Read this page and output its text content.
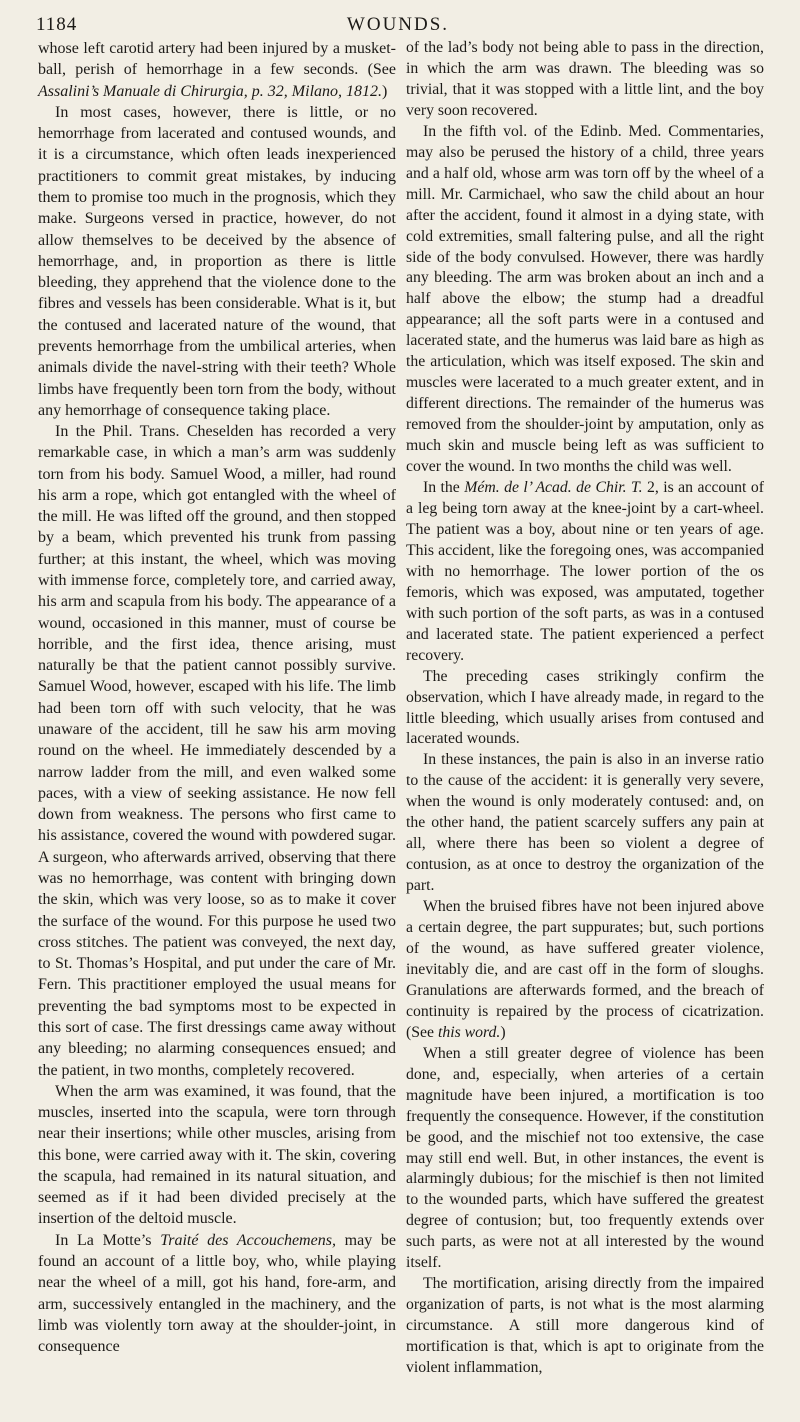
1184	WOUNDS.

whose left carotid artery had been injured by a musket-ball, perish of hemorrhage in a few seconds. (See Assalini’s Manuale di Chirurgia, p. 32, Milano, 1812.)

In most cases, however, there is little, or no hemorrhage from lacerated and contused wounds, and it is a circumstance, which often leads inexperienced practitioners to commit great mistakes, by inducing them to promise too much in the prognosis, which they make. Surgeons versed in practice, however, do not allow themselves to be deceived by the absence of hemorrhage, and, in proportion as there is little bleeding, they apprehend that the violence done to the fibres and vessels has been considerable. What is it, but the contused and lacerated nature of the wound, that prevents hemorrhage from the umbilical arteries, when animals divide the navel-string with their teeth? Whole limbs have frequently been torn from the body, without any hemorrhage of consequence taking place.

In the Phil. Trans. Cheselden has recorded a very remarkable case, in which a man’s arm was suddenly torn from his body. Samuel Wood, a miller, had round his arm a rope, which got entangled with the wheel of the mill. He was lifted off the ground, and then stopped by a beam, which prevented his trunk from passing further; at this instant, the wheel, which was moving with immense force, completely tore, and carried away, his arm and scapula from his body. The appearance of a wound, occasioned in this manner, must of course be horrible, and the first idea, thence arising, must naturally be that the patient cannot possibly survive. Samuel Wood, however, escaped with his life. The limb had been torn off with such velocity, that he was unaware of the accident, till he saw his arm moving round on the wheel. He immediately descended by a narrow ladder from the mill, and even walked some paces, with a view of seeking assistance. He now fell down from weakness. The persons who first came to his assistance, covered the wound with powdered sugar. A surgeon, who afterwards arrived, observing that there was no hemorrhage, was content with bringing down the skin, which was very loose, so as to make it cover the surface of the wound. For this purpose he used two cross stitches. The patient was conveyed, the next day, to St. Thomas’s Hospital, and put under the care of Mr. Fern. This practitioner employed the usual means for preventing the bad symptoms most to be expected in this sort of case. The first dressings came away without any bleeding; no alarming consequences ensued; and the patient, in two months, completely recovered.

When the arm was examined, it was found, that the muscles, inserted into the scapula, were torn through near their insertions; while other muscles, arising from this bone, were carried away with it. The skin, covering the scapula, had remained in its natural situation, and seemed as if it had been divided precisely at the insertion of the deltoid muscle.

In La Motte’s Traité des Accouchemens, may be found an account of a little boy, who, while playing near the wheel of a mill, got his hand, fore-arm, and arm, successively entangled in the machinery, and the limb was violently torn away at the shoulder-joint, in consequence

of the lad’s body not being able to pass in the direction, in which the arm was drawn. The bleeding was so trivial, that it was stopped with a little lint, and the boy very soon recovered.

In the fifth vol. of the Edinb. Med. Commentaries, may also be perused the history of a child, three years and a half old, whose arm was torn off by the wheel of a mill. Mr. Carmichael, who saw the child about an hour after the accident, found it almost in a dying state, with cold extremities, small faltering pulse, and all the right side of the body convulsed. However, there was hardly any bleeding. The arm was broken about an inch and a half above the elbow; the stump had a dreadful appearance; all the soft parts were in a contused and lacerated state, and the humerus was laid bare as high as the articulation, which was itself exposed. The skin and muscles were lacerated to a much greater extent, and in different directions. The remainder of the humerus was removed from the shoulder-joint by amputation, only as much skin and muscle being left as was sufficient to cover the wound. In two months the child was well.

In the Mém. de l’ Acad. de Chir. T. 2, is an account of a leg being torn away at the knee-joint by a cart-wheel. The patient was a boy, about nine or ten years of age. This accident, like the foregoing ones, was accompanied with no hemorrhage. The lower portion of the os femoris, which was exposed, was amputated, together with such portion of the soft parts, as was in a contused and lacerated state. The patient experienced a perfect recovery.

The preceding cases strikingly confirm the observation, which I have already made, in regard to the little bleeding, which usually arises from contused and lacerated wounds.

In these instances, the pain is also in an inverse ratio to the cause of the accident: it is generally very severe, when the wound is only moderately contused: and, on the other hand, the patient scarcely suffers any pain at all, where there has been so violent a degree of contusion, as at once to destroy the organization of the part.

When the bruised fibres have not been injured above a certain degree, the part suppurates; but, such portions of the wound, as have suffered greater violence, inevitably die, and are cast off in the form of sloughs. Granulations are afterwards formed, and the breach of continuity is repaired by the process of cicatrization. (See this word.)

When a still greater degree of violence has been done, and, especially, when arteries of a certain magnitude have been injured, a mortification is too frequently the consequence. However, if the constitution be good, and the mischief not too extensive, the case may still end well. But, in other instances, the event is alarmingly dubious; for the mischief is then not limited to the wounded parts, which have suffered the greatest degree of contusion; but, too frequently extends over such parts, as were not at all interested by the wound itself.

The mortification, arising directly from the impaired organization of parts, is not what is the most alarming circumstance. A still more dangerous kind of mortification is that, which is apt to originate from the violent inflammation,
